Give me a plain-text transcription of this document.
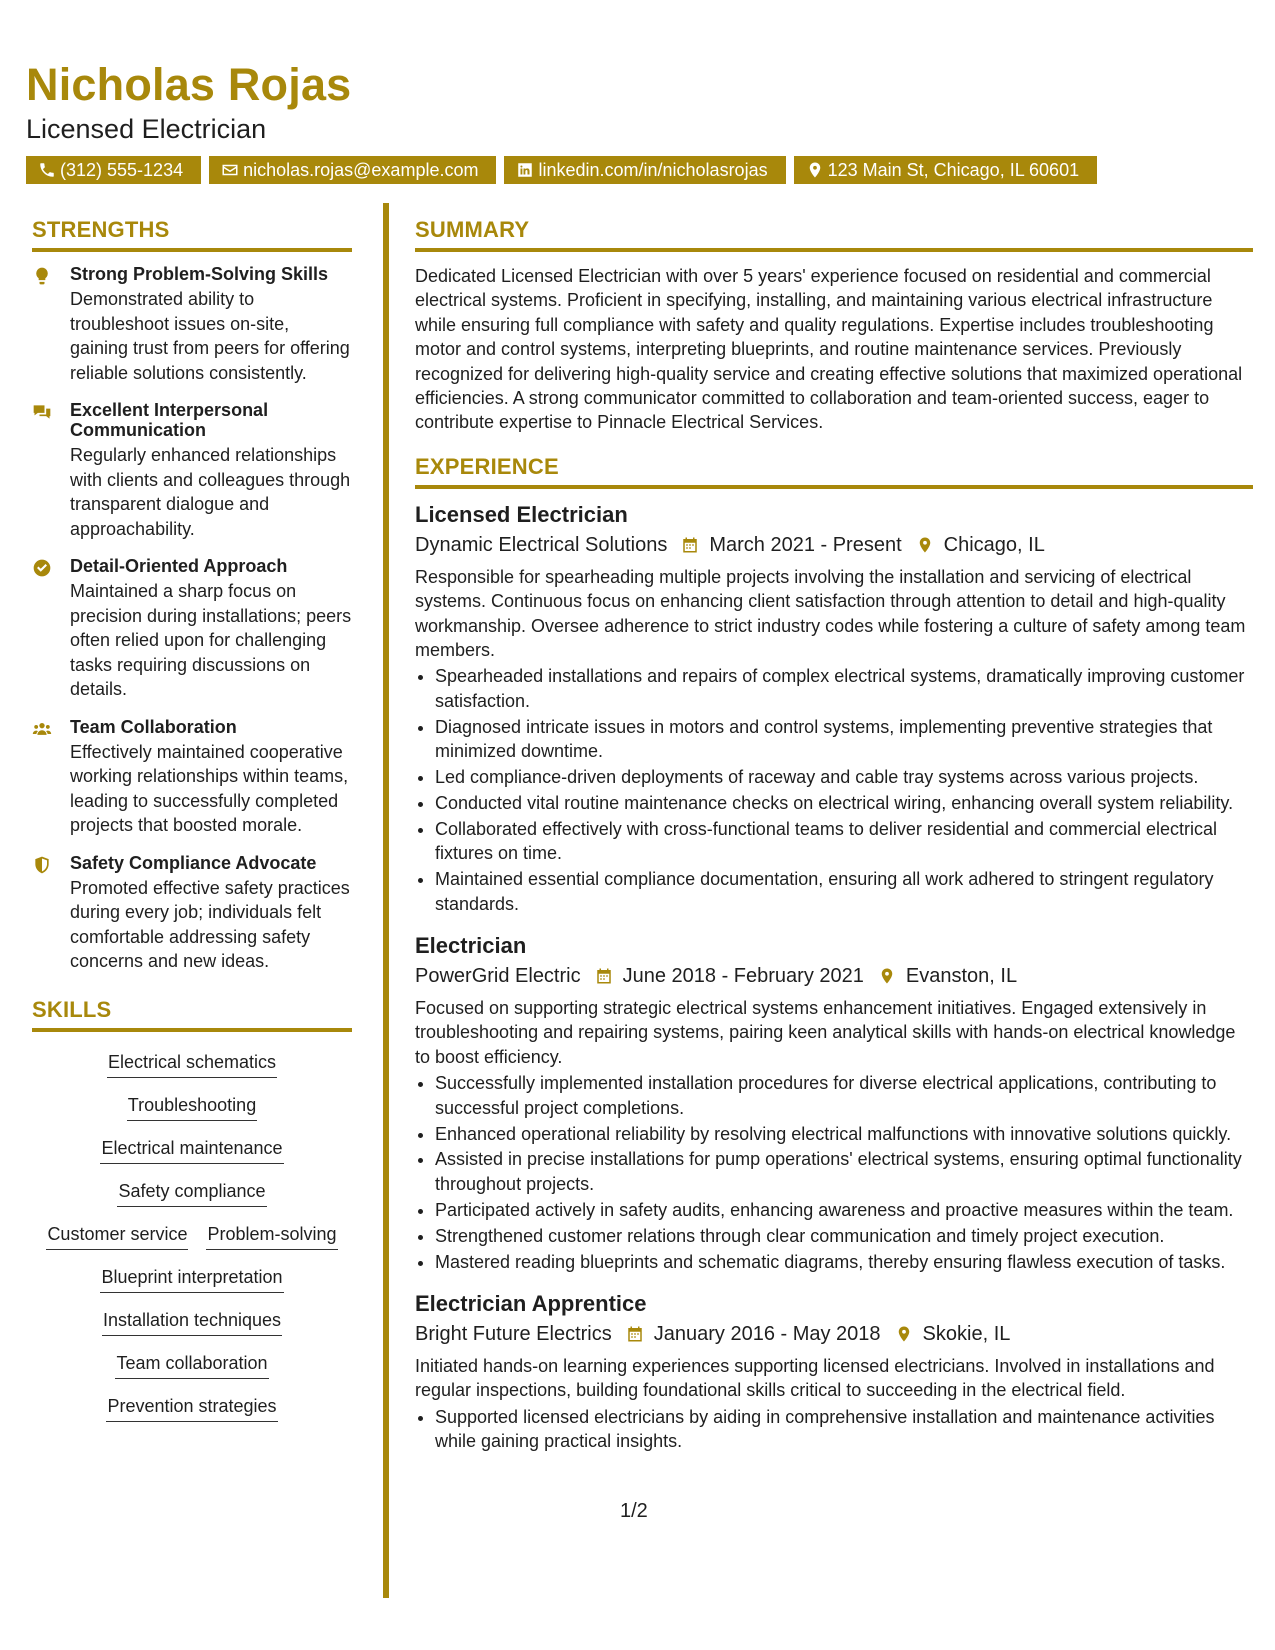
Nicholas Rojas
Licensed Electrician
(312) 555-1234	nicholas.rojas@example.com	linkedin.com/in/nicholasrojas	123 Main St, Chicago, IL 60601
STRENGTHS
Strong Problem-Solving Skills
Demonstrated ability to troubleshoot issues on-site, gaining trust from peers for offering reliable solutions consistently.
Excellent Interpersonal Communication
Regularly enhanced relationships with clients and colleagues through transparent dialogue and approachability.
Detail-Oriented Approach
Maintained a sharp focus on precision during installations; peers often relied upon for challenging tasks requiring discussions on details.
Team Collaboration
Effectively maintained cooperative working relationships within teams, leading to successfully completed projects that boosted morale.
Safety Compliance Advocate
Promoted effective safety practices during every job; individuals felt comfortable addressing safety concerns and new ideas.
SKILLS
Electrical schematics
Troubleshooting
Electrical maintenance
Safety compliance
Customer service Problem-solving
Blueprint interpretation
Installation techniques
Team collaboration
Prevention strategies
SUMMARY
Dedicated Licensed Electrician with over 5 years' experience focused on residential and commercial electrical systems. Proficient in specifying, installing, and maintaining various electrical infrastructure while ensuring full compliance with safety and quality regulations. Expertise includes troubleshooting motor and control systems, interpreting blueprints, and routine maintenance services. Previously recognized for delivering high-quality service and creating effective solutions that maximized operational efficiencies. A strong communicator committed to collaboration and team-oriented success, eager to contribute expertise to Pinnacle Electrical Services.
EXPERIENCE
Licensed Electrician
Dynamic Electrical Solutions March 2021 - Present Chicago, IL
Responsible for spearheading multiple projects involving the installation and servicing of electrical systems. Continuous focus on enhancing client satisfaction through attention to detail and high-quality workmanship. Oversee adherence to strict industry codes while fostering a culture of safety among team members.
• Spearheaded installations and repairs of complex electrical systems, dramatically improving customer satisfaction.
• Diagnosed intricate issues in motors and control systems, implementing preventive strategies that minimized downtime.
• Led compliance-driven deployments of raceway and cable tray systems across various projects.
• Conducted vital routine maintenance checks on electrical wiring, enhancing overall system reliability.
• Collaborated effectively with cross-functional teams to deliver residential and commercial electrical fixtures on time.
• Maintained essential compliance documentation, ensuring all work adhered to stringent regulatory standards.
Electrician
PowerGrid Electric June 2018 - February 2021 Evanston, IL
Focused on supporting strategic electrical systems enhancement initiatives. Engaged extensively in troubleshooting and repairing systems, pairing keen analytical skills with hands-on electrical knowledge to boost efficiency.
• Successfully implemented installation procedures for diverse electrical applications, contributing to successful project completions.
• Enhanced operational reliability by resolving electrical malfunctions with innovative solutions quickly.
• Assisted in precise installations for pump operations' electrical systems, ensuring optimal functionality throughout projects.
• Participated actively in safety audits, enhancing awareness and proactive measures within the team.
• Strengthened customer relations through clear communication and timely project execution.
• Mastered reading blueprints and schematic diagrams, thereby ensuring flawless execution of tasks.
Electrician Apprentice
Bright Future Electrics January 2016 - May 2018 Skokie, IL
Initiated hands-on learning experiences supporting licensed electricians. Involved in installations and regular inspections, building foundational skills critical to succeeding in the electrical field.
• Supported licensed electricians by aiding in comprehensive installation and maintenance activities while gaining practical insights.
1/2
